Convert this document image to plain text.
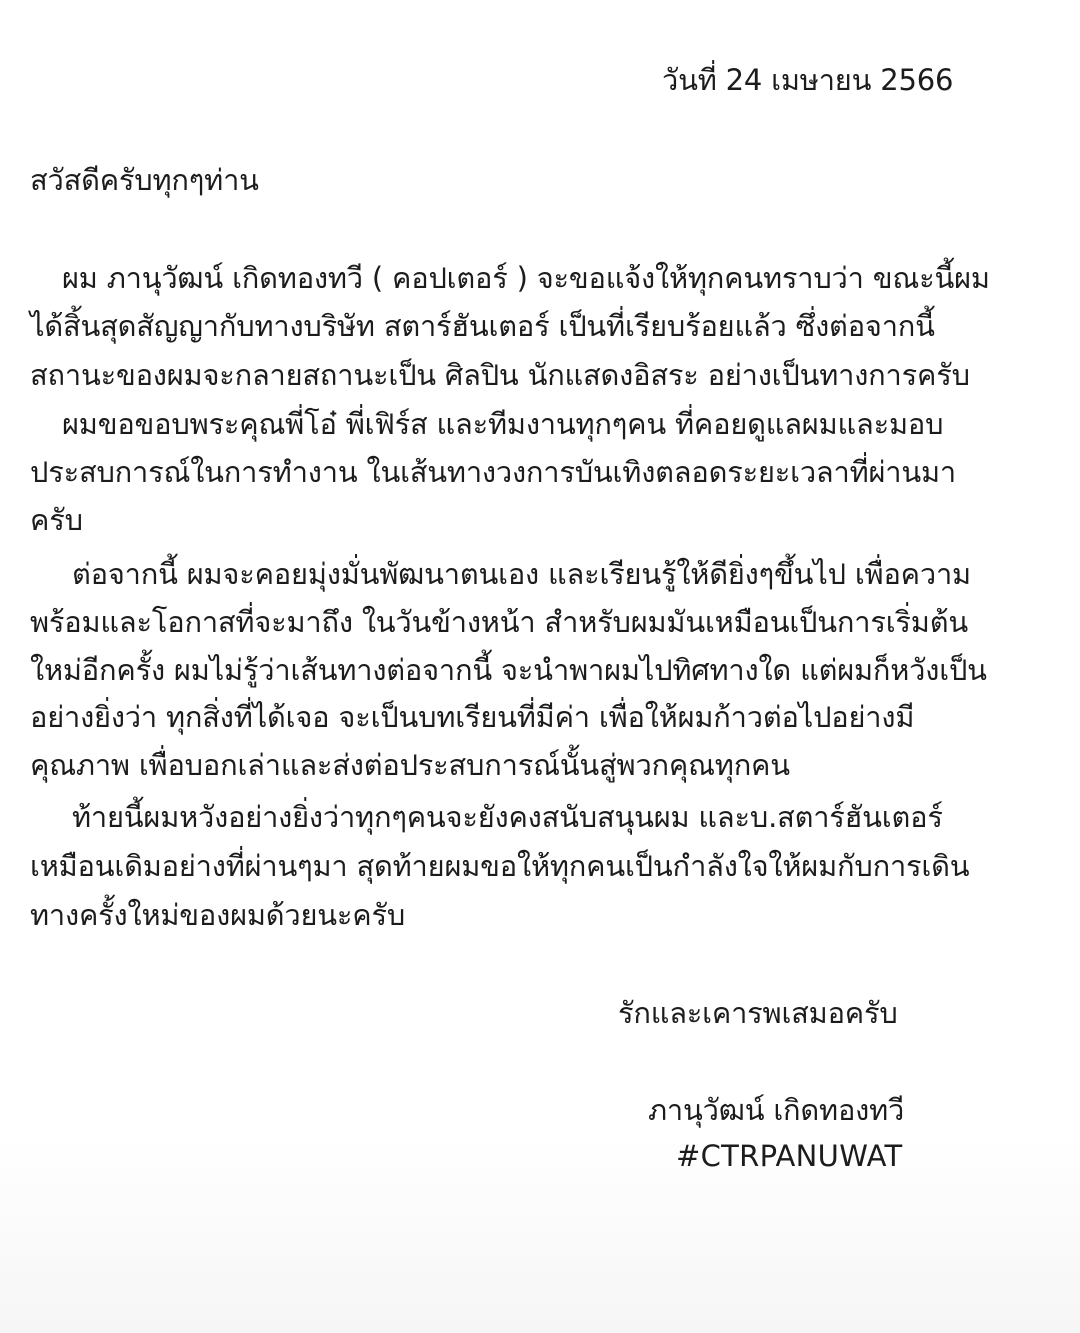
วันที่ 24 เมษายน 2566

สวัสดีครับทุกๆท่าน

ผม ภานุวัฒน์ เกิดทองทวี ( คอปเตอร์ ) จะขอแจ้งให้ทุกคนทราบว่า ขณะนี้ผม

ได้สิ้นสุดสัญญากับทางบริษัท สตาร์ฮันเตอร์ เป็นที่เรียบร้อยแล้ว ซึ่งต่อจากนี้

สถานะของผมจะกลายสถานะเป็น ศิลปิน นักแสดงอิสระ อย่างเป็นทางการครับ

ผมขอขอบพระคุณพี่โอ๋ พี่เฟิร์ส และทีมงานทุกๆคน ที่คอยดูแลผมและมอบ

ประสบการณ์ในการทำงาน ในเส้นทางวงการบันเทิงตลอดระยะเวลาที่ผ่านมา

ครับ

ต่อจากนี้ ผมจะคอยมุ่งมั่นพัฒนาตนเอง และเรียนรู้ให้ดียิ่งๆขึ้นไป เพื่อความ

พร้อมและโอกาสที่จะมาถึง ในวันข้างหน้า สำหรับผมมันเหมือนเป็นการเริ่มต้น

ใหม่อีกครั้ง ผมไม่รู้ว่าเส้นทางต่อจากนี้ จะนำพาผมไปทิศทางใด แต่ผมก็หวังเป็น

อย่างยิ่งว่า ทุกสิ่งที่ได้เจอ จะเป็นบทเรียนที่มีค่า เพื่อให้ผมก้าวต่อไปอย่างมี

คุณภาพ เพื่อบอกเล่าและส่งต่อประสบการณ์นั้นสู่พวกคุณทุกคน

ท้ายนี้ผมหวังอย่างยิ่งว่าทุกๆคนจะยังคงสนับสนุนผม และบ.สตาร์ฮันเตอร์

เหมือนเดิมอย่างที่ผ่านๆมา สุดท้ายผมขอให้ทุกคนเป็นกำลังใจให้ผมกับการเดิน

ทางครั้งใหม่ของผมด้วยนะครับ

รักและเคารพเสมอครับ

ภานุวัฒน์ เกิดทองทวี

#CTRPANUWAT
